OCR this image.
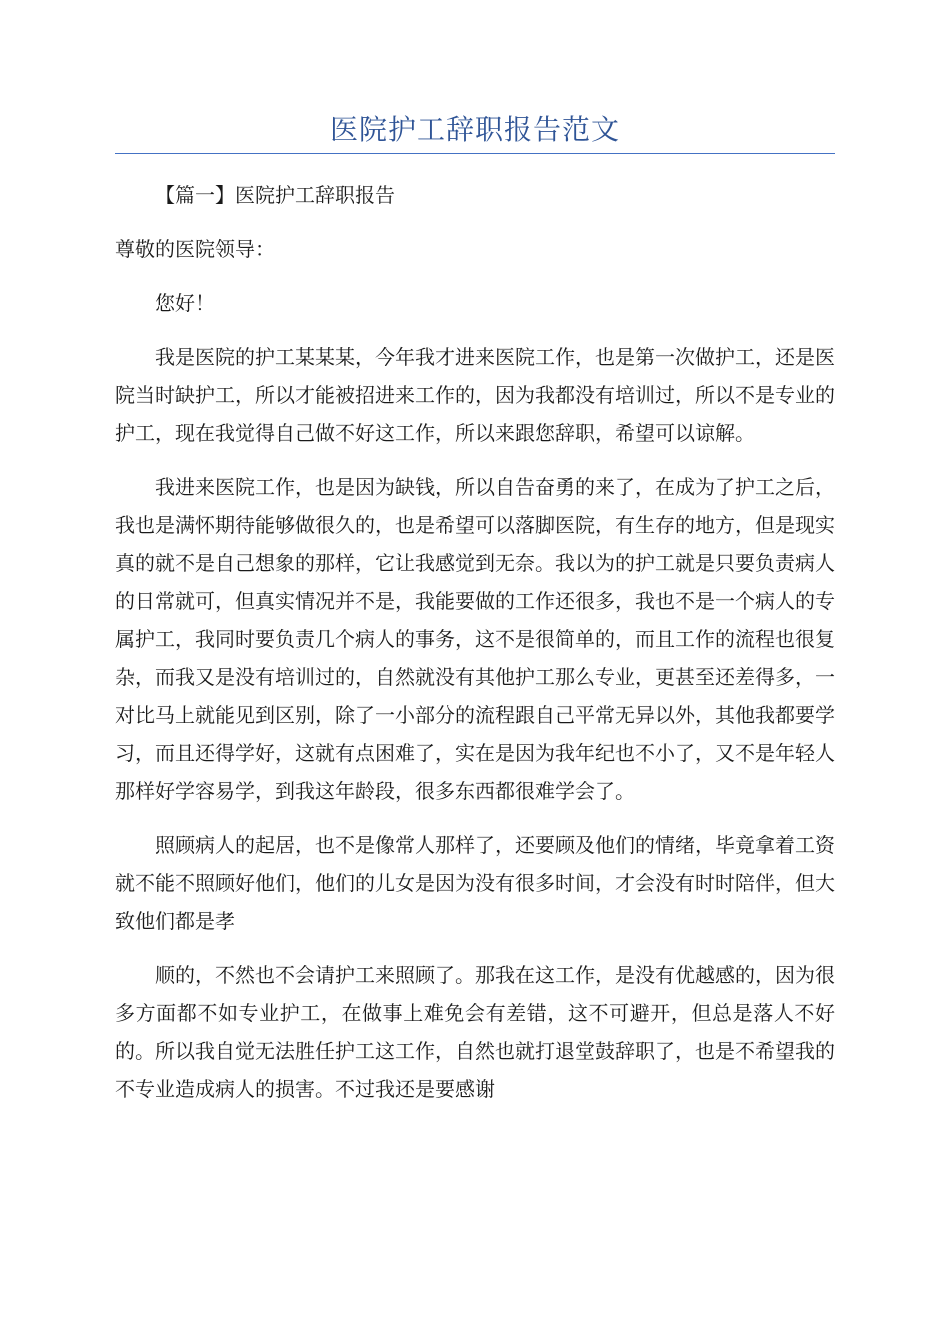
医院护工辞职报告范文

【篇一】医院护工辞职报告

尊敬的医院领导：

您好！

我是医院的护工某某某，今年我才进来医院工作，也是第一次做护工，还是医院当时缺护工，所以才能被招进来工作的，因为我都没有培训过，所以不是专业的护工，现在我觉得自己做不好这工作，所以来跟您辞职，希望可以谅解。

我进来医院工作，也是因为缺钱，所以自告奋勇的来了，在成为了护工之后，我也是满怀期待能够做很久的，也是希望可以落脚医院，有生存的地方，但是现实真的就不是自己想象的那样，它让我感觉到无奈。我以为的护工就是只要负责病人的日常就可，但真实情况并不是，我能要做的工作还很多，我也不是一个病人的专属护工，我同时要负责几个病人的事务，这不是很简单的，而且工作的流程也很复杂，而我又是没有培训过的，自然就没有其他护工那么专业，更甚至还差得多，一对比马上就能见到区别，除了一小部分的流程跟自己平常无异以外，其他我都要学习，而且还得学好，这就有点困难了，实在是因为我年纪也不小了，又不是年轻人那样好学容易学，到我这年龄段，很多东西都很难学会了。

照顾病人的起居，也不是像常人那样了，还要顾及他们的情绪，毕竟拿着工资就不能不照顾好他们，他们的儿女是因为没有很多时间，才会没有时时陪伴，但大致他们都是孝

顺的，不然也不会请护工来照顾了。那我在这工作，是没有优越感的，因为很多方面都不如专业护工，在做事上难免会有差错，这不可避开，但总是落人不好的。所以我自觉无法胜任护工这工作，自然也就打退堂鼓辞职了，也是不希望我的不专业造成病人的损害。不过我还是要感谢
